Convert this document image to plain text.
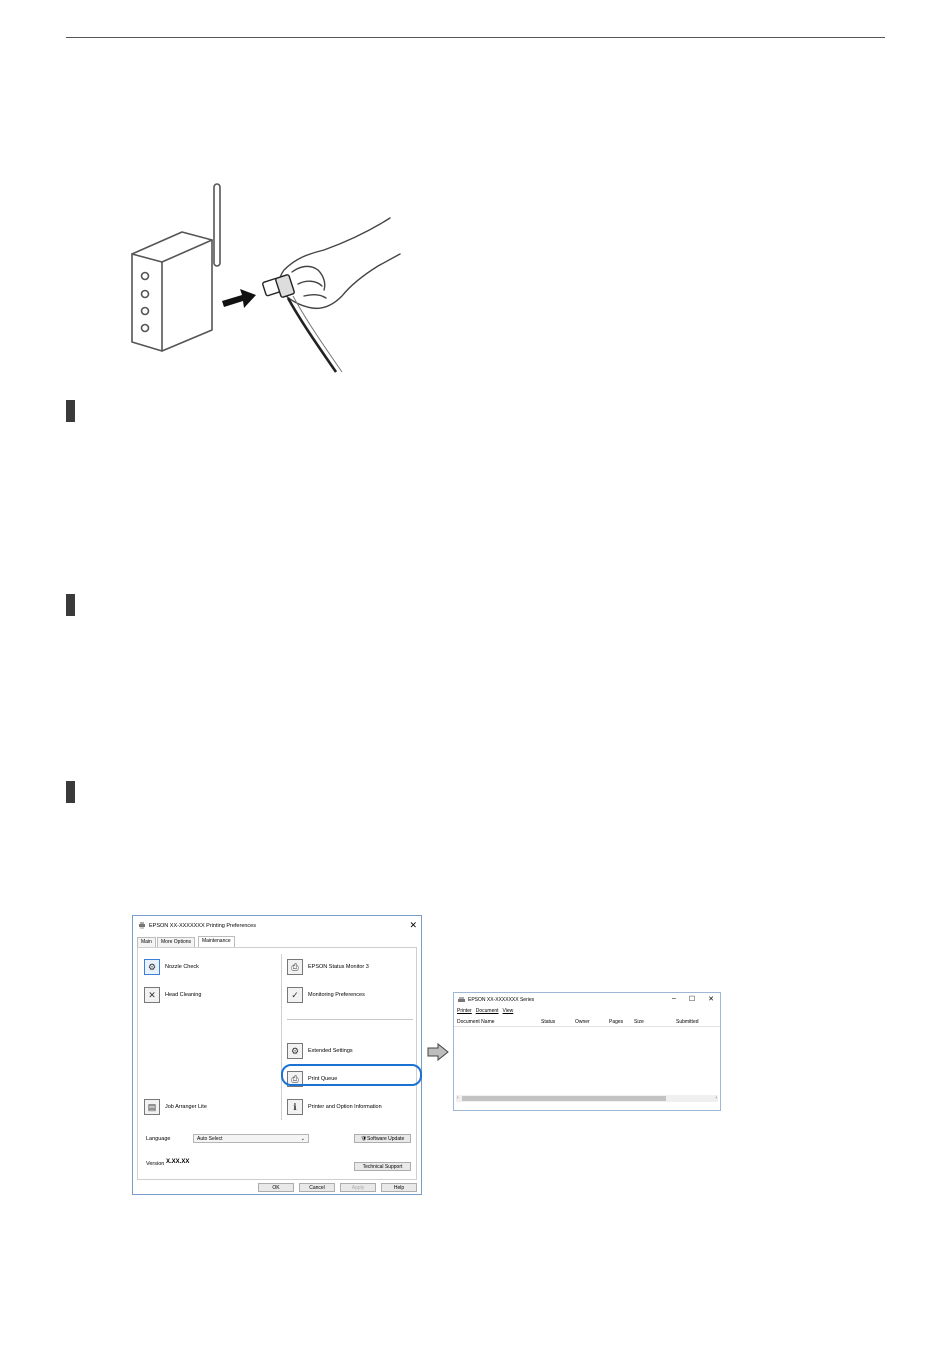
EPSON XX-XXXXXXX Printing Preferences	✕
Main	More Options	Maintenance
⚙	Nozzle Check
✕	Head Cleaning
▤	Job Arranger Lite
⎙	EPSON Status Monitor 3
✓	Monitoring Preferences
⚙	Extended Settings
⎙	Print Queue
ℹ	Printer and Option Information
Language	Auto Select	⌄	🛡Software Update
Version X.XX.XX
Technical Support
OK	Cancel	Apply	Help
EPSON XX-XXXXXXX Series	– ☐ ✕
Printer Document View
Document Name	Status	Owner	Pages Size	Submitted
‹	›
